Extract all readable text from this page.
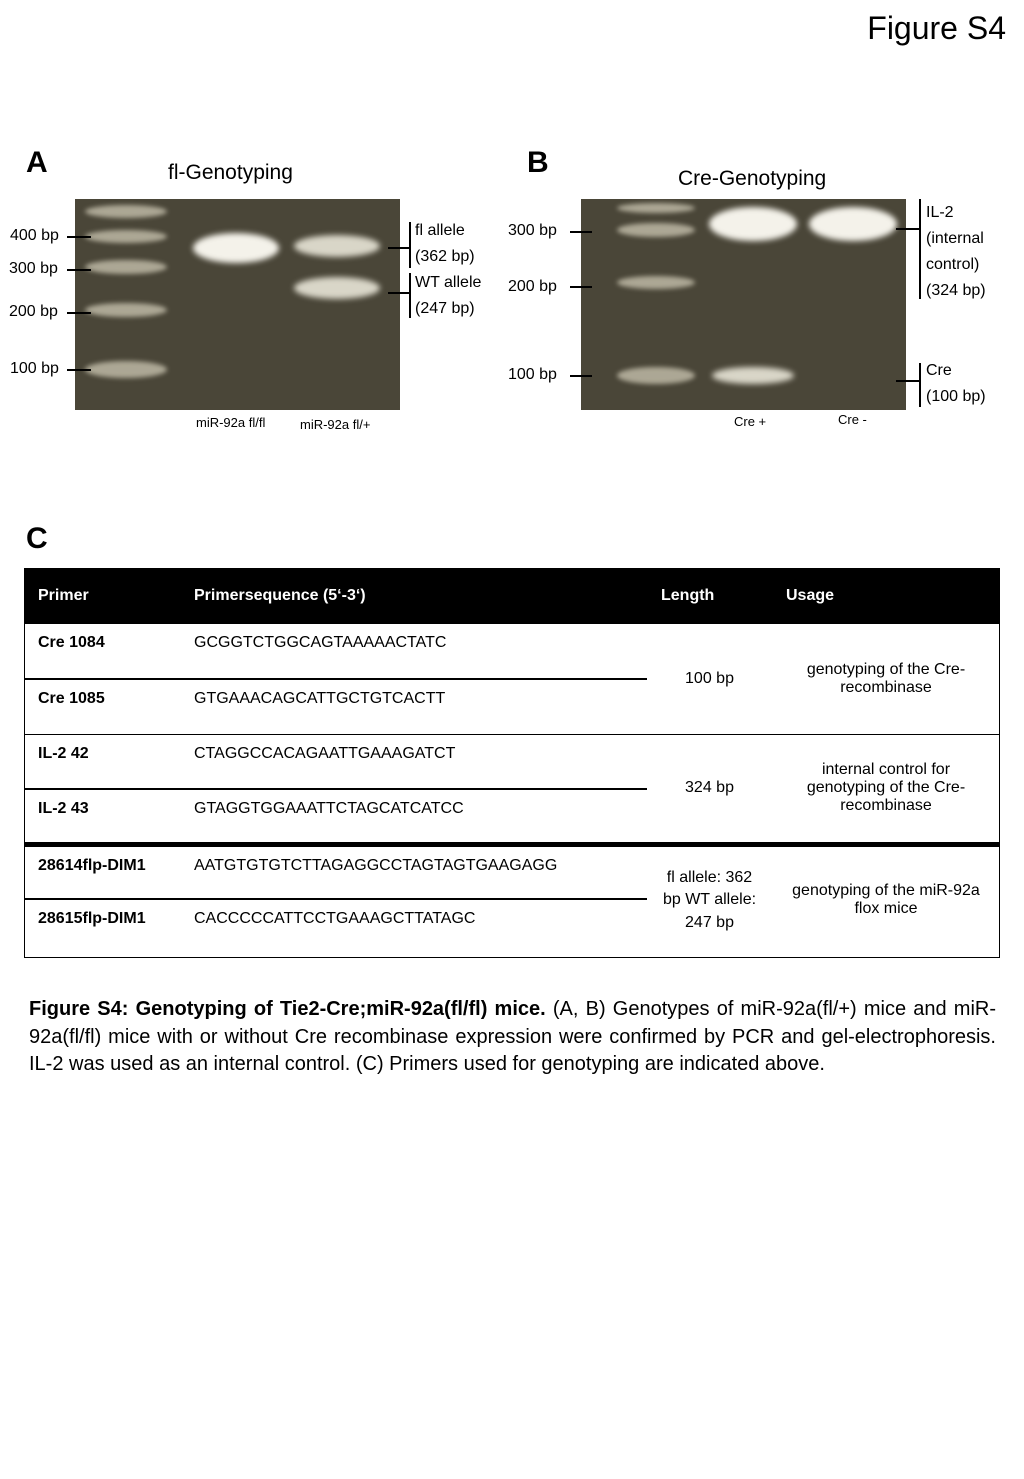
Figure S4
A	fl-Genotyping
400 bp
300 bp
200 bp
100 bp
fl allele
(362 bp)
WT allele
(247 bp)
miR-92a fl/fl	miR-92a fl/+
B	Cre-Genotyping
300 bp
200 bp
100 bp
IL-2
(internal
control)
(324 bp)
Cre
(100 bp)
Cre +	Cre -
C
Primer	Primersequence (5‘-3‘)	Length	Usage
Cre 1084	GCGGTCTGGCAGTAAAAACTATC	100 bp	genotyping of the Cre-recombinase
Cre 1085	GTGAAACAGCATTGCTGTCACTT		
IL-2 42	CTAGGCCACAGAATTGAAAGATCT	324 bp	internal control for genotyping of the Cre-recombinase
IL-2 43	GTAGGTGGAAATTCTAGCATCATCC		
28614flp-DIM1	AATGTGTGTCTTAGAGGCCTAGTAGTGAAGAGG	fl allele: 362 bp WT allele: 247 bp	genotyping of the miR-92a flox mice
28615flp-DIM1	CACCCCCATTCCTGAAAGCTTATAGC		
Figure S4: Genotyping of Tie2-Cre;miR-92a(fl/fl) mice. (A, B) Genotypes of miR-92a(fl/+) mice and miR-92a(fl/fl) mice with or without Cre recombinase expression were confirmed by PCR and gel-electrophoresis. IL-2 was used as an internal control. (C) Primers used for genotyping are indicated above.
